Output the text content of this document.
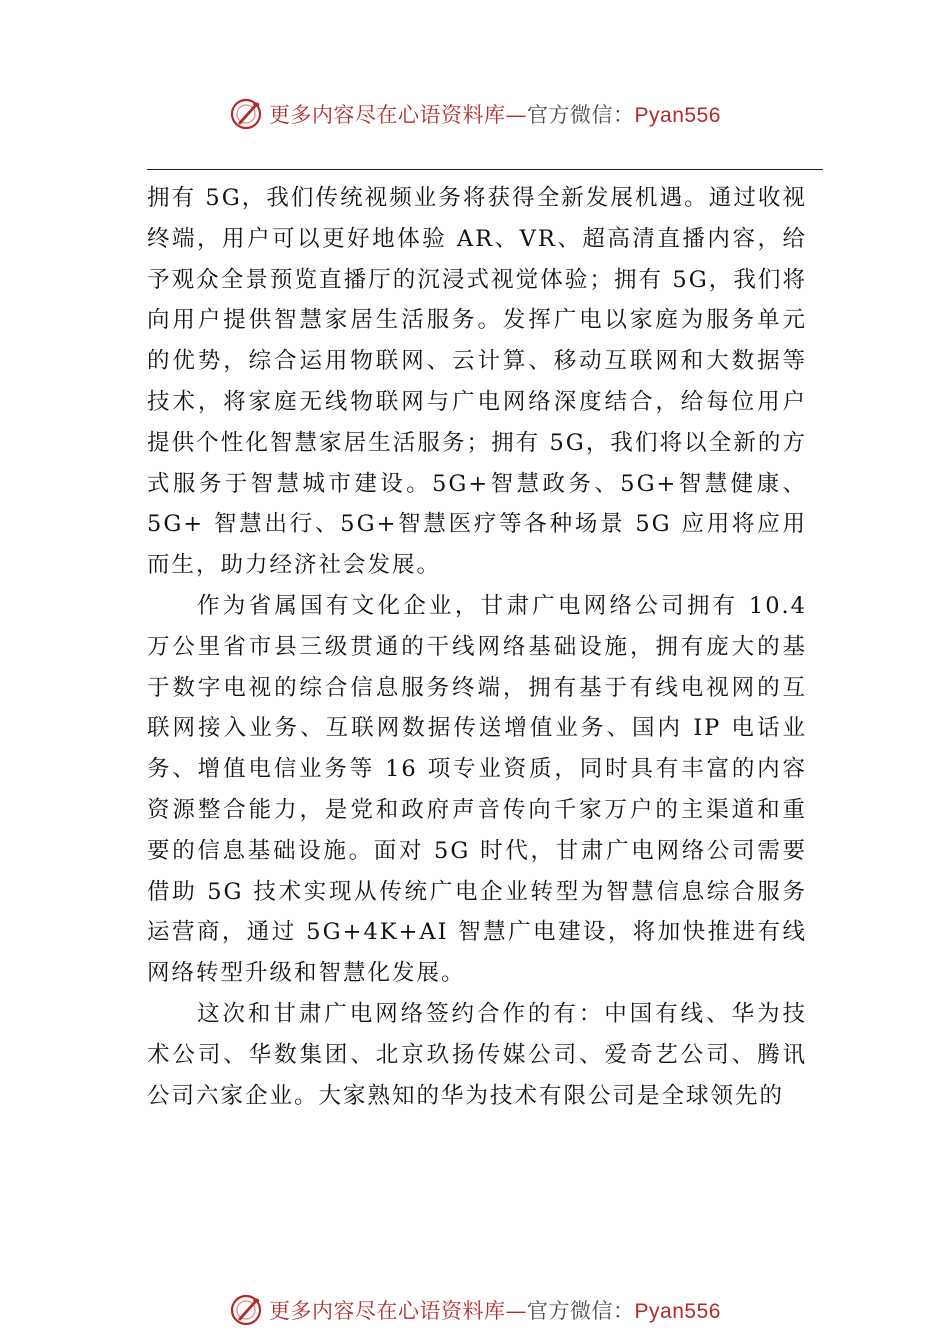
更多内容尽在心语资料库—官方微信：Pyan556

拥有 5G，我们传统视频业务将获得全新发展机遇。通过收视终端，用户可以更好地体验 AR、VR、超高清直播内容，给予观众全景预览直播厅的沉浸式视觉体验；拥有 5G，我们将向用户提供智慧家居生活服务。发挥广电以家庭为服务单元的优势，综合运用物联网、云计算、移动互联网和大数据等技术，将家庭无线物联网与广电网络深度结合，给每位用户提供个性化智慧家居生活服务；拥有 5G，我们将以全新的方式服务于智慧城市建设。5G+智慧政务、5G+智慧健康、5G+ 智慧出行、5G+智慧医疗等各种场景 5G 应用将应用而生，助力经济社会发展。

作为省属国有文化企业，甘肃广电网络公司拥有 10.4 万公里省市县三级贯通的干线网络基础设施，拥有庞大的基于数字电视的综合信息服务终端，拥有基于有线电视网的互联网接入业务、互联网数据传送增值业务、国内 IP 电话业务、增值电信业务等 16 项专业资质，同时具有丰富的内容资源整合能力，是党和政府声音传向千家万户的主渠道和重要的信息基础设施。面对 5G 时代，甘肃广电网络公司需要借助 5G 技术实现从传统广电企业转型为智慧信息综合服务运营商，通过 5G+4K+AI 智慧广电建设，将加快推进有线网络转型升级和智慧化发展。

这次和甘肃广电网络签约合作的有：中国有线、华为技术公司、华数集团、北京玖扬传媒公司、爱奇艺公司、腾讯公司六家企业。大家熟知的华为技术有限公司是全球领先的

更多内容尽在心语资料库—官方微信：Pyan556
